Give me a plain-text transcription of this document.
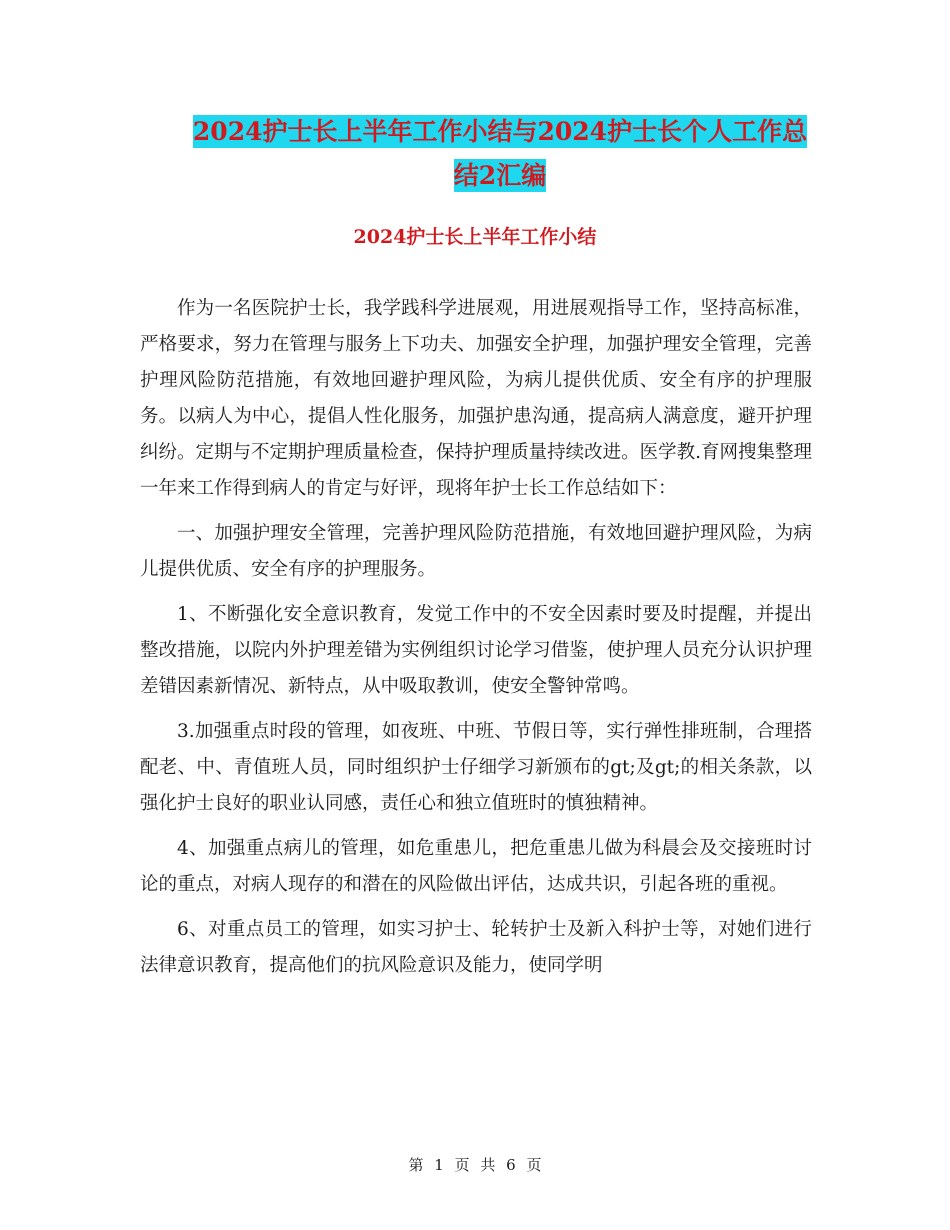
2024护士长上半年工作小结与2024护士长个人工作总
结2汇编
2024护士长上半年工作小结

作为一名医院护士长，我学践科学进展观，用进展观指导工作，坚持高标准，严格要求，努力在管理与服务上下功夫、加强安全护理，加强护理安全管理，完善护理风险防范措施，有效地回避护理风险，为病儿提供优质、安全有序的护理服务。以病人为中心，提倡人性化服务，加强护患沟通，提高病人满意度，避开护理纠纷。定期与不定期护理质量检查，保持护理质量持续改进。医学教.育网搜集整理一年来工作得到病人的肯定与好评，现将年护士长工作总结如下：

一、加强护理安全管理，完善护理风险防范措施，有效地回避护理风险，为病儿提供优质、安全有序的护理服务。

1、不断强化安全意识教育，发觉工作中的不安全因素时要及时提醒，并提出整改措施，以院内外护理差错为实例组织讨论学习借鉴，使护理人员充分认识护理差错因素新情况、新特点，从中吸取教训，使安全警钟常鸣。

3.加强重点时段的管理，如夜班、中班、节假日等，实行弹性排班制，合理搭配老、中、青值班人员，同时组织护士仔细学习新颁布的gt;及gt;的相关条款，以强化护士良好的职业认同感，责任心和独立值班时的慎独精神。

4、加强重点病儿的管理，如危重患儿，把危重患儿做为科晨会及交接班时讨论的重点，对病人现存的和潜在的风险做出评估，达成共识，引起各班的重视。

6、对重点员工的管理，如实习护士、轮转护士及新入科护士等，对她们进行法律意识教育，提高他们的抗风险意识及能力，使同学明

第 1 页 共 6 页
